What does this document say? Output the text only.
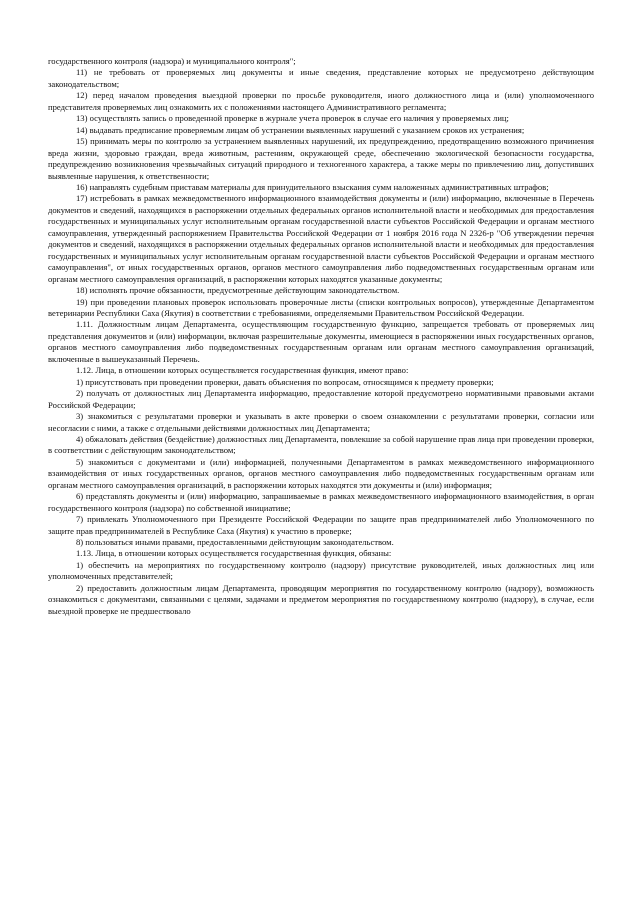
государственного контроля (надзора) и муниципального контроля";

11) не требовать от проверяемых лиц документы и иные сведения, представление которых не предусмотрено действующим законодательством;

12) перед началом проведения выездной проверки по просьбе руководителя, иного должностного лица и (или) уполномоченного представителя проверяемых лиц ознакомить их с положениями настоящего Административного регламента;

13) осуществлять запись о проведенной проверке в журнале учета проверок в случае его наличия у проверяемых лиц;

14) выдавать предписание проверяемым лицам об устранении выявленных нарушений с указанием сроков их устранения;

15) принимать меры по контролю за устранением выявленных нарушений, их предупреждению, предотвращению возможного причинения вреда жизни, здоровью граждан, вреда животным, растениям, окружающей среде, обеспечению экологической безопасности государства, предупреждению возникновения чрезвычайных ситуаций природного и техногенного характера, а также меры по привлечению лиц, допустивших выявленные нарушения, к ответственности;

16) направлять судебным приставам материалы для принудительного взыскания сумм наложенных административных штрафов;

17) истребовать в рамках межведомственного информационного взаимодействия документы и (или) информацию, включенные в Перечень документов и сведений, находящихся в распоряжении отдельных федеральных органов исполнительной власти и необходимых для предоставления государственных и муниципальных услуг исполнительным органам государственной власти субъектов Российской Федерации и органам местного самоуправления, утвержденный распоряжением Правительства Российской Федерации от 1 ноября 2016 года N 2326-р "Об утверждении перечня документов и сведений, находящихся в распоряжении отдельных федеральных органов исполнительной власти и необходимых для предоставления государственных и муниципальных услуг исполнительным органам государственной власти субъектов Российской Федерации и органам местного самоуправления", от иных государственных органов, органов местного самоуправления либо подведомственных государственным органам или органам местного самоуправления организаций, в распоряжении которых находятся указанные документы;

18) исполнять прочие обязанности, предусмотренные действующим законодательством.

19) при проведении плановых проверок использовать проверочные листы (списки контрольных вопросов), утвержденные Департаментом ветеринарии Республики Саха (Якутия) в соответствии с требованиями, определяемыми Правительством Российской Федерации.

1.11. Должностным лицам Департамента, осуществляющим государственную функцию, запрещается требовать от проверяемых лиц представления документов и (или) информации, включая разрешительные документы, имеющиеся в распоряжении иных государственных органов, органов местного самоуправления либо подведомственных государственным органам или органам местного самоуправления организаций, включенные в вышеуказанный Перечень.

1.12. Лица, в отношении которых осуществляется государственная функция, имеют право:

1) присутствовать при проведении проверки, давать объяснения по вопросам, относящимся к предмету проверки;

2) получать от должностных лиц Департамента информацию, предоставление которой предусмотрено нормативными правовыми актами Российской Федерации;

3) знакомиться с результатами проверки и указывать в акте проверки о своем ознакомлении с результатами проверки, согласии или несогласии с ними, а также с отдельными действиями должностных лиц Департамента;

4) обжаловать действия (бездействие) должностных лиц Департамента, повлекшие за собой нарушение прав лица при проведении проверки, в соответствии с действующим законодательством;

5) знакомиться с документами и (или) информацией, полученными Департаментом в рамках межведомственного информационного взаимодействия от иных государственных органов, органов местного самоуправления либо подведомственных государственным органам или органам местного самоуправления организаций, в распоряжении которых находятся эти документы и (или) информация;

6) представлять документы и (или) информацию, запрашиваемые в рамках межведомственного информационного взаимодействия, в орган государственного контроля (надзора) по собственной инициативе;

7) привлекать Уполномоченного при Президенте Российской Федерации по защите прав предпринимателей либо Уполномоченного по защите прав предпринимателей в Республике Саха (Якутия) к участию в проверке;

8) пользоваться иными правами, предоставленными действующим законодательством.

1.13. Лица, в отношении которых осуществляется государственная функция, обязаны:

1) обеспечить на мероприятиях по государственному контролю (надзору) присутствие руководителей, иных должностных лиц или уполномоченных представителей;

2) предоставить должностным лицам Департамента, проводящим мероприятия по государственному контролю (надзору), возможность ознакомиться с документами, связанными с целями, задачами и предметом мероприятия по государственному контролю (надзору), в случае, если выездной проверке не предшествовало
